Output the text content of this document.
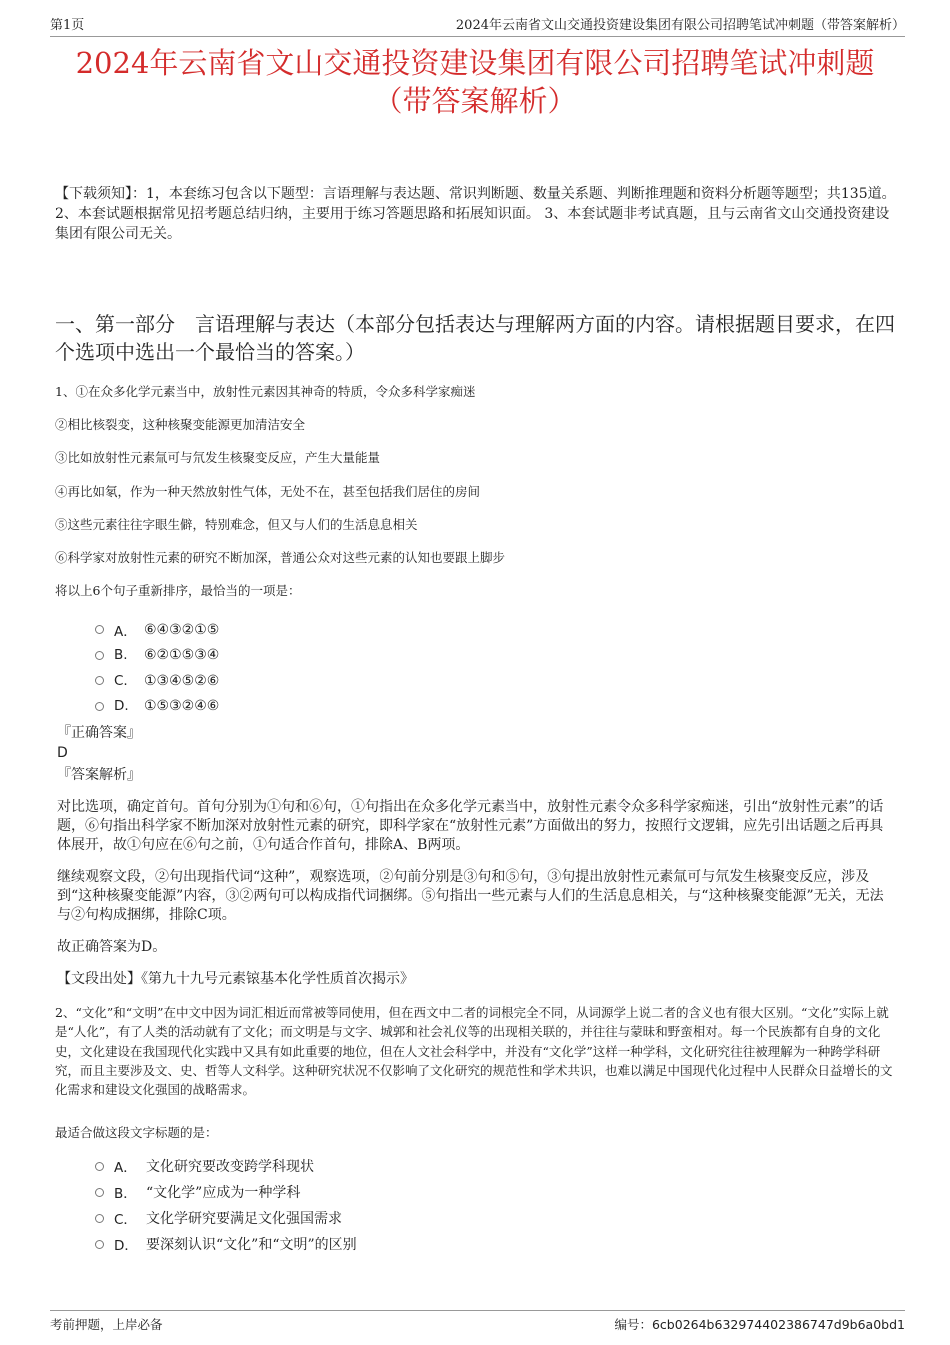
第1页	2024年云南省文山交通投资建设集团有限公司招聘笔试冲刺题（带答案解析）
2024年云南省文山交通投资建设集团有限公司招聘笔试冲刺题
（带答案解析）
【下载须知】：1，本套练习包含以下题型：言语理解与表达题、常识判断题、数量关系题、判断推理题和资料分析题等题型；共135道。 2、本套试题根据常见招考题总结归纳，主要用于练习答题思路和拓展知识面。 3、本套试题非考试真题，且与云南省文山交通投资建设集团有限公司无关。
一、第一部分　言语理解与表达（本部分包括表达与理解两方面的内容。请根据题目要求，在四个选项中选出一个最恰当的答案。）
1、①在众多化学元素当中，放射性元素因其神奇的特质，令众多科学家痴迷
②相比核裂变，这种核聚变能源更加清洁安全
③比如放射性元素氚可与氘发生核聚变反应，产生大量能量
④再比如氡，作为一种天然放射性气体，无处不在，甚至包括我们居住的房间
⑤这些元素往往字眼生僻，特别难念，但又与人们的生活息息相关
⑥科学家对放射性元素的研究不断加深，普通公众对这些元素的认知也要跟上脚步
将以上6个句子重新排序，最恰当的一项是：
A． ⑥④③②①⑤
B.	⑥②①⑤③④
C.	①③④⑤②⑥
D.	①⑤③②④⑥
『正确答案』
D
『答案解析』

对比选项，确定首句。首句分别为①句和⑥句，①句指出在众多化学元素当中，放射性元素令众多科学家痴迷，引出“放射性元素”的话题，⑥句指出科学家不断加深对放射性元素的研究，即科学家在“放射性元素”方面做出的努力，按照行文逻辑，应先引出话题之后再具体展开，故①句应在⑥句之前，①句适合作首句，排除A、B两项。

继续观察文段，②句出现指代词“这种”，观察选项，②句前分别是③句和⑤句，③句提出放射性元素氚可与氘发生核聚变反应，涉及到“这种核聚变能源”内容，③②两句可以构成指代词捆绑。⑤句指出一些元素与人们的生活息息相关，与“这种核聚变能源”无关，无法与②句构成捆绑，排除C项。

故正确答案为D。

【文段出处】《第九十九号元素锿基本化学性质首次揭示》

2、“文化”和“文明”在中文中因为词汇相近而常被等同使用，但在西文中二者的词根完全不同，从词源学上说二者的含义也有很大区别。“文化”实际上就是“人化”，有了人类的活动就有了文化；而文明是与文字、城郭和社会礼仪等的出现相关联的，并往往与蒙昧和野蛮相对。每一个民族都有自身的文化史，文化建设在我国现代化实践中又具有如此重要的地位，但在人文社会科学中，并没有“文化学”这样一种学科，文化研究往往被理解为一种跨学科研究，而且主要涉及文、史、哲等人文科学。这种研究状况不仅影响了文化研究的规范性和学术共识，也难以满足中国现代化过程中人民群众日益增长的文化需求和建设文化强国的战略需求。

最适合做这段文字标题的是：
A． 文化研究要改变跨学科现状
B． “文化学”应成为一种学科
C． 文化学研究要满足文化强国需求
D． 要深刻认识“文化”和“文明”的区别
考前押题，上岸必备	编号：6cb0264b632974402386747d9b6a0bd1
